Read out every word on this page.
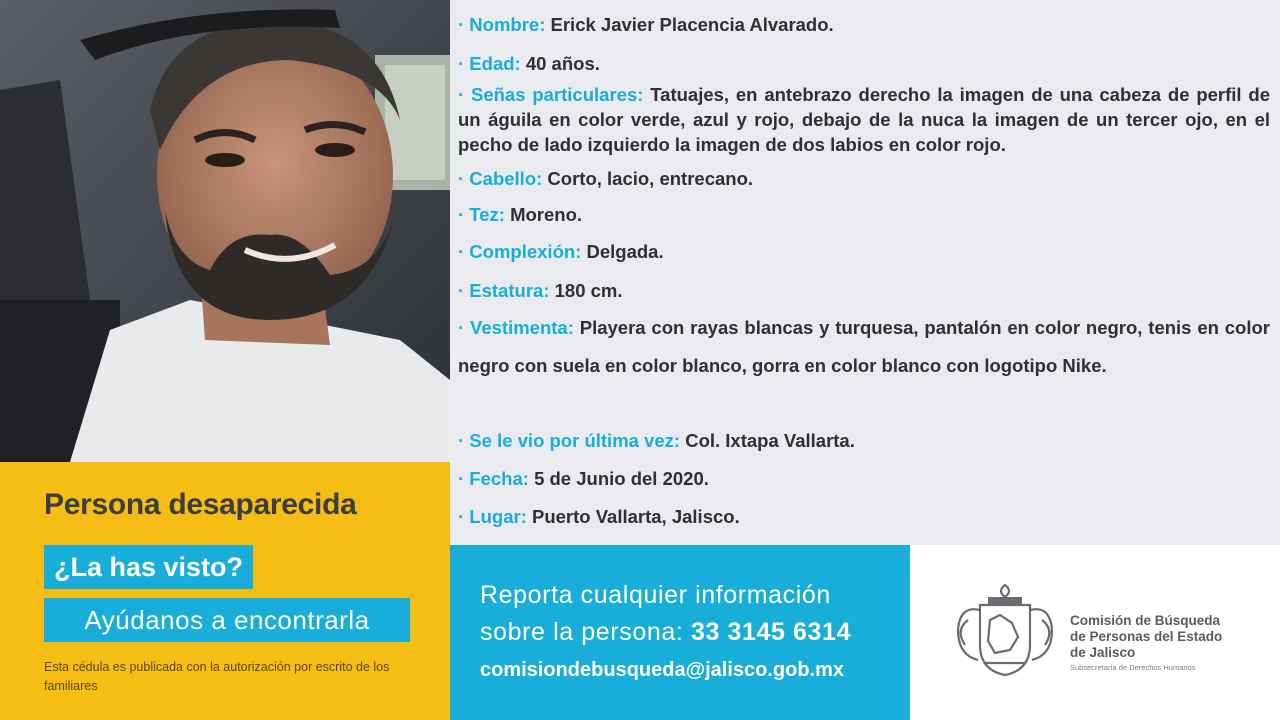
Persona desaparecida
¿La has visto?
Ayúdanos a encontrarla
Esta cédula es publicada con la autorización por escrito de los familiares
· Nombre: Erick Javier Placencia Alvarado.
· Edad: 40 años.
· Señas particulares: Tatuajes, en antebrazo derecho la imagen de una cabeza de perfil de un águila en color verde, azul y rojo, debajo de la nuca la imagen de un tercer ojo, en el pecho de lado izquierdo la imagen de dos labios en color rojo.
· Cabello: Corto, lacio, entrecano.
· Tez: Moreno.
· Complexión: Delgada.
· Estatura: 180 cm.
· Vestimenta: Playera con rayas blancas y turquesa, pantalón en color negro, tenis en color negro con suela en color blanco, gorra en color blanco con logotipo Nike.
· Se le vio por última vez: Col. Ixtapa Vallarta.
· Fecha: 5 de Junio del 2020.
· Lugar: Puerto Vallarta, Jalisco.
Reporta cualquier información
sobre la persona: 33 3145 6314
comisiondebusqueda@jalisco.gob.mx
Comisión de Búsqueda
de Personas del Estado
de Jalisco
Subsecretaría de Derechos Humanos
